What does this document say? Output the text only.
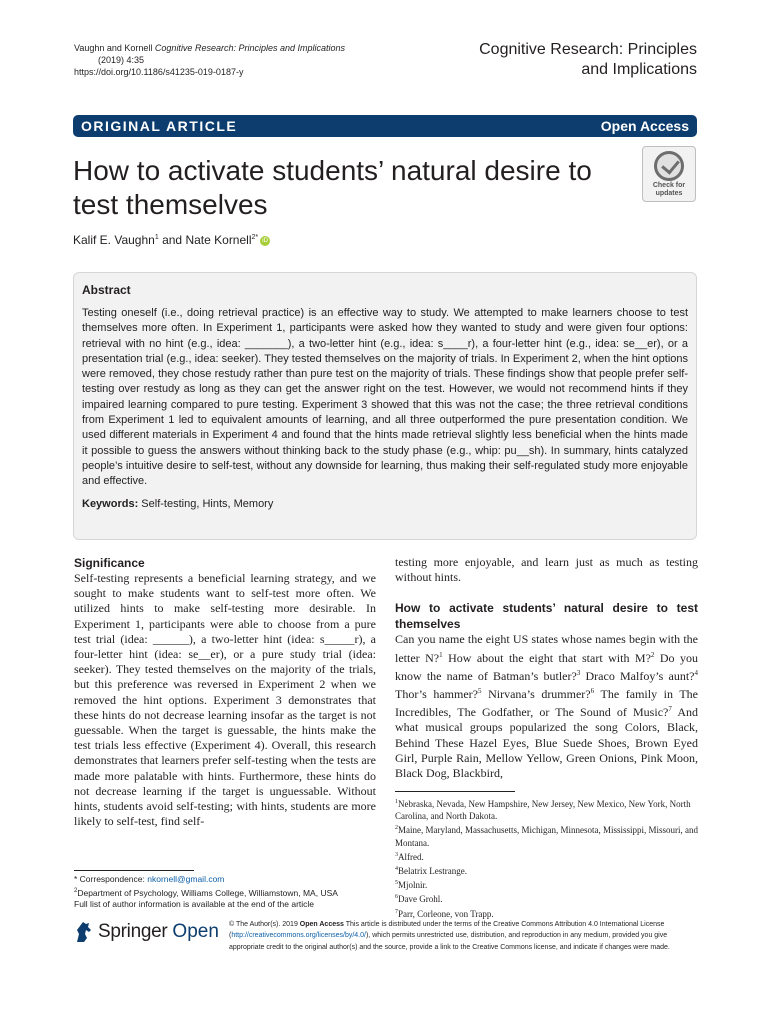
Vaughn and Kornell Cognitive Research: Principles and Implications
(2019) 4:35
https://doi.org/10.1186/s41235-019-0187-y
Cognitive Research: Principles
and Implications
ORIGINAL ARTICLE	Open Access
How to activate students’ natural desire to test themselves
Check for
updates
Kalif E. Vaughn$^1$ and Nate Kornell$^{2*}$ iD
Abstract

Testing oneself (i.e., doing retrieval practice) is an effective way to study. We attempted to make learners choose to test themselves more often. In Experiment 1, participants were asked how they wanted to study and were given four options: retrieval with no hint (e.g., idea: _______), a two-letter hint (e.g., idea: s____r), a four-letter hint (e.g., idea: se__er), or a presentation trial (e.g., idea: seeker). They tested themselves on the majority of trials. In Experiment 2, when the hint options were removed, they chose restudy rather than pure test on the majority of trials. These findings show that people prefer self-testing over restudy as long as they can get the answer right on the test. However, we would not recommend hints if they impaired learning compared to pure testing. Experiment 3 showed that this was not the case; the three retrieval conditions from Experiment 1 led to equivalent amounts of learning, and all three outperformed the pure presentation condition. We used different materials in Experiment 4 and found that the hints made retrieval slightly less beneficial when the hints made it possible to guess the answers without thinking back to the study phase (e.g., whip: pu__sh). In summary, hints catalyzed people’s intuitive desire to self-test, without any downside for learning, thus making their self-regulated study more enjoyable and effective.

Keywords: Self-testing, Hints, Memory
Significance

Self-testing represents a beneficial learning strategy, and we sought to make students want to self-test more often. We utilized hints to make self-testing more desirable. In Experiment 1, participants were able to choose from a pure test trial (idea: ______), a two-letter hint (idea: s_____r), a four-letter hint (idea: se__er), or a pure study trial (idea: seeker). They tested themselves on the majority of the trials, but this preference was reversed in Experiment 2 when we removed the hint options. Experiment 3 demonstrates that these hints do not decrease learning insofar as the target is not guessable. When the target is guessable, the hints make the test trials less effective (Experiment 4). Overall, this research demonstrates that learners prefer self-testing when the tests are made more palatable with hints. Furthermore, these hints do not decrease learning if the target is unguessable. Without hints, students avoid self-testing; with hints, students are more likely to self-test, find self-

testing more enjoyable, and learn just as much as testing without hints.

How to activate students’ natural desire to test themselves

Can you name the eight US states whose names begin with the letter N?$^1$ How about the eight that start with M?$^2$ Do you know the name of Batman’s butler?$^3$ Draco Malfoy’s aunt?$^4$ Thor’s hammer?$^5$ Nirvana’s drummer?$^6$ The family in The Incredibles, The Godfather, or The Sound of Music?$^7$ And what musical groups popularized the song Colors, Black, Behind These Hazel Eyes, Blue Suede Shoes, Brown Eyed Girl, Purple Rain, Mellow Yellow, Green Onions, Pink Moon, Black Dog, Blackbird,

$^1$Nebraska, Nevada, New Hampshire, New Jersey, New Mexico, New York, North Carolina, and North Dakota.
$^2$Maine, Maryland, Massachusetts, Michigan, Minnesota, Mississippi, Missouri, and Montana.
$^3$Alfred.
$^4$Belatrix Lestrange.
$^5$Mjolnir.
$^6$Dave Grohl.
$^7$Parr, Corleone, von Trapp.
* Correspondence: nkornell@gmail.com
$^2$Department of Psychology, Williams College, Williamstown, MA, USA
Full list of author information is available at the end of the article
Springer Open © The Author(s). 2019 Open Access This article is distributed under the terms of the Creative Commons Attribution 4.0 International License (http://creativecommons.org/licenses/by/4.0/), which permits unrestricted use, distribution, and reproduction in any medium, provided you give appropriate credit to the original author(s) and the source, provide a link to the Creative Commons license, and indicate if changes were made.
